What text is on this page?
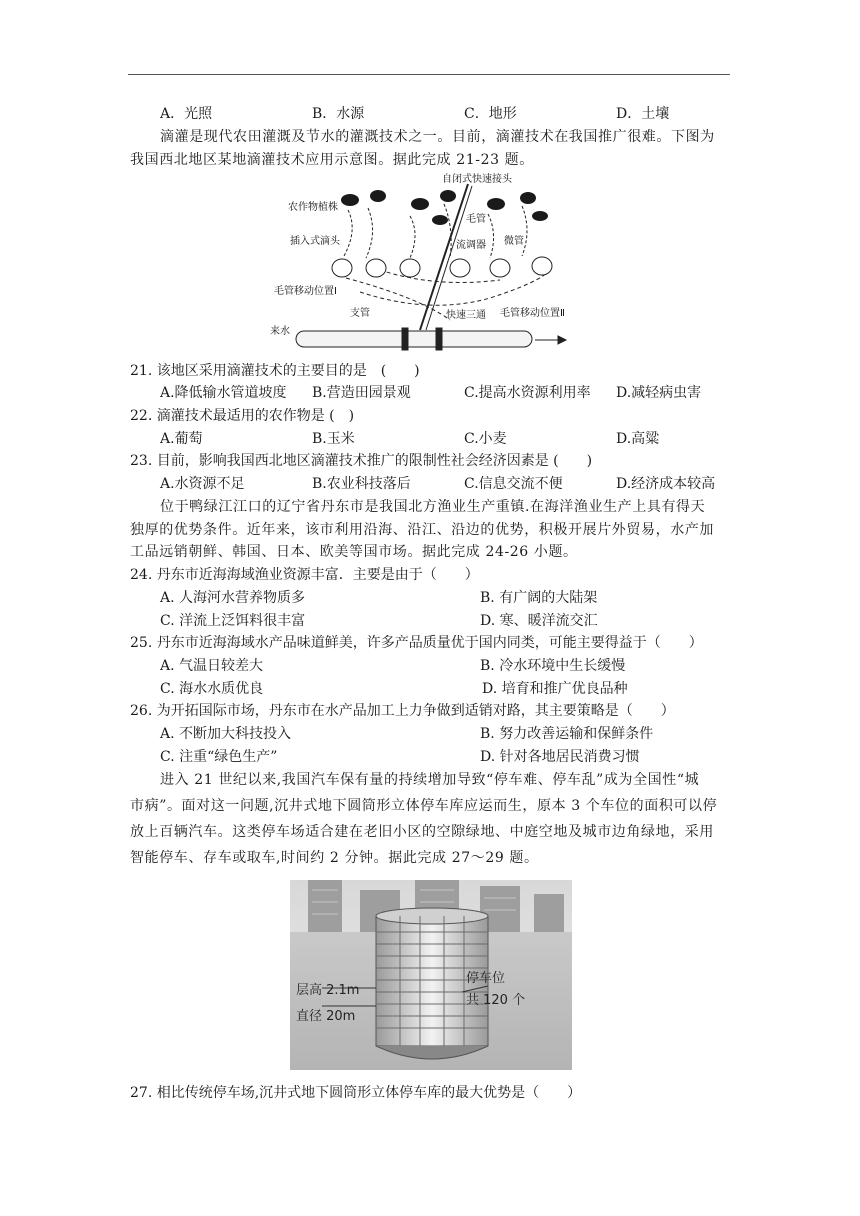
A．光照	B．水源	C．地形	D．土壤
滴灌是现代农田灌溉及节水的灌溉技术之一。目前，滴灌技术在我国推广很难。下图为
我国西北地区某地滴灌技术应用示意图。据此完成 21-23 题。
自闭式快速接头
农作物植株
毛管
插入式滴头	流调器 微管
毛管移动位置Ⅰ
来水
支管	快速三通 毛管移动位置Ⅱ
21. 该地区采用滴灌技术的主要目的是　(　　)
A.降低输水管道坡度 B.营造田园景观	C.提高水资源利用率 D.减轻病虫害
22. 滴灌技术最适用的农作物是 (　)
A.葡萄	B.玉米	C.小麦	D.高粱
23. 目前，影响我国西北地区滴灌技术推广的限制性社会经济因素是 (　　)
A.水资源不足	B.农业科技落后	C.信息交流不便	D.经济成本较高
位于鸭绿江江口的辽宁省丹东市是我国北方渔业生产重镇.在海洋渔业生产上具有得天
独厚的优势条件。近年来，该市利用沿海、沿江、沿边的优势，积极开展片外贸易，水产加
工品远销朝鲜、韩国、日本、欧美等国市场。据此完成 24-26 小题。
24. 丹东市近海海域渔业资源丰富．主要是由于（　　）
A. 人海河水营养物质多	B. 有广阔的大陆架
C. 洋流上泛饵料很丰富	D. 寒、暖洋流交汇
25. 丹东市近海海域水产品味道鲜美，许多产品质量优于国内同类，可能主要得益于（　　）
A. 气温日较差大	B. 冷水环境中生长缓慢
C. 海水水质优良	D. 培育和推广优良品种
26. 为开拓国际市场，丹东市在水产品加工上力争做到适销对路，其主要策略是（　　）
A. 不断加大科技投入	B. 努力改善运输和保鲜条件
C. 注重“绿色生产”	D. 针对各地居民消费习惯
进入 21 世纪以来,我国汽车保有量的持续增加导致“停车难、停车乱”成为全国性“城
市病”。面对这一问题,沉井式地下圆筒形立体停车库应运而生，原本 3 个车位的面积可以停
放上百辆汽车。这类停车场适合建在老旧小区的空隙绿地、中庭空地及城市边角绿地，采用
智能停车、存车或取车,时间约 2 分钟。据此完成 27～29 题。
层高 2.1m
直径 20m
停车位
共 120 个
27. 相比传统停车场,沉井式地下圆筒形立体停车库的最大优势是（　　）
